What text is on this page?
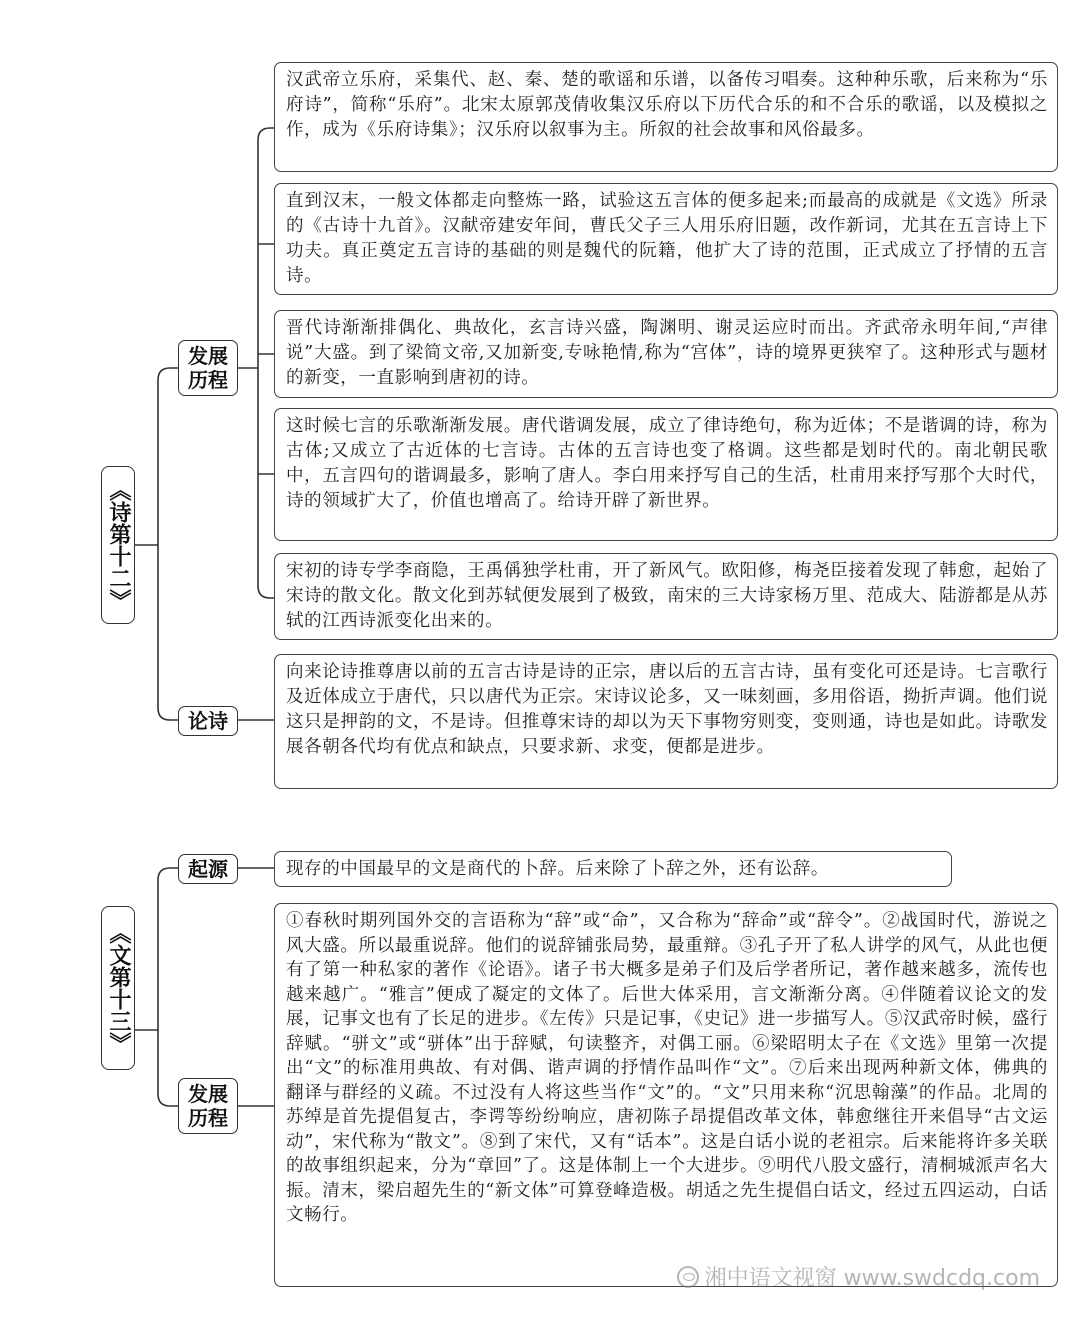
《诗第十二》
发展历程
论诗

汉武帝立乐府，采集代、赵、秦、楚的歌谣和乐谱，以备传习唱奏。这种种乐歌，后来称为“乐府诗”，简称“乐府”。北宋太原郭茂倩收集汉乐府以下历代合乐的和不合乐的歌谣，以及模拟之作，成为《乐府诗集》；汉乐府以叙事为主。所叙的社会故事和风俗最多。

直到汉末，一般文体都走向整炼一路，试验这五言体的便多起来;而最高的成就是《文选》所录的《古诗十九首》。汉献帝建安年间，曹氏父子三人用乐府旧题，改作新词，尤其在五言诗上下功夫。真正奠定五言诗的基础的则是魏代的阮籍，他扩大了诗的范围，正式成立了抒情的五言诗。

晋代诗渐渐排偶化、典故化，玄言诗兴盛，陶渊明、谢灵运应时而出。齐武帝永明年间,“声律说”大盛。到了梁简文帝,又加新变,专咏艳情,称为“宫体”，诗的境界更狭窄了。这种形式与题材的新变，一直影响到唐初的诗。

这时候七言的乐歌渐渐发展。唐代谐调发展，成立了律诗绝句，称为近体；不是谐调的诗，称为古体;又成立了古近体的七言诗。古体的五言诗也变了格调。这些都是划时代的。南北朝民歌中，五言四句的谐调最多，影响了唐人。李白用来抒写自己的生活，杜甫用来抒写那个大时代，诗的领域扩大了，价值也增高了。给诗开辟了新世界。

宋初的诗专学李商隐，王禹偁独学杜甫，开了新风气。欧阳修，梅尧臣接着发现了韩愈，起始了宋诗的散文化。散文化到苏轼便发展到了极致，南宋的三大诗家杨万里、范成大、陆游都是从苏轼的江西诗派变化出来的。

向来论诗推尊唐以前的五言古诗是诗的正宗，唐以后的五言古诗，虽有变化可还是诗。七言歌行及近体成立于唐代，只以唐代为正宗。宋诗议论多，又一味刻画，多用俗语，拗折声调。他们说这只是押韵的文，不是诗。但推尊宋诗的却以为天下事物穷则变，变则通，诗也是如此。诗歌发展各朝各代均有优点和缺点，只要求新、求变，便都是进步。

《文第十三》
起源
发展历程

现存的中国最早的文是商代的卜辞。后来除了卜辞之外，还有讼辞。

①春秋时期列国外交的言语称为“辞”或“命”，又合称为“辞命”或“辞令”。②战国时代，游说之风大盛。所以最重说辞。他们的说辞铺张局势，最重辩。③孔子开了私人讲学的风气，从此也便有了第一种私家的著作《论语》。诸子书大概多是弟子们及后学者所记，著作越来越多，流传也越来越广。“雅言”便成了凝定的文体了。后世大体采用，言文渐渐分离。④伴随着议论文的发展，记事文也有了长足的进步。《左传》只是记事，《史记》进一步描写人。⑤汉武帝时候，盛行辞赋。“骈文”或“骈体”出于辞赋，句读整齐，对偶工丽。⑥梁昭明太子在《文选》里第一次提出“文”的标准用典故、有对偶、谐声调的抒情作品叫作“文”。⑦后来出现两种新文体，佛典的翻译与群经的义疏。不过没有人将这些当作“文”的。“文”只用来称“沉思翰藻”的作品。北周的苏绰是首先提倡复古，李谔等纷纷响应，唐初陈子昂提倡改革文体，韩愈继往开来倡导“古文运动”，宋代称为“散文”。⑧到了宋代，又有“话本”。这是白话小说的老祖宗。后来能将许多关联的故事组织起来，分为“章回”了。这是体制上一个大进步。⑨明代八股文盛行，清桐城派声名大振。清末，梁启超先生的“新文体”可算登峰造极。胡适之先生提倡白话文，经过五四运动，白话文畅行。

湘中语文视窗 www.swdcdq.com
